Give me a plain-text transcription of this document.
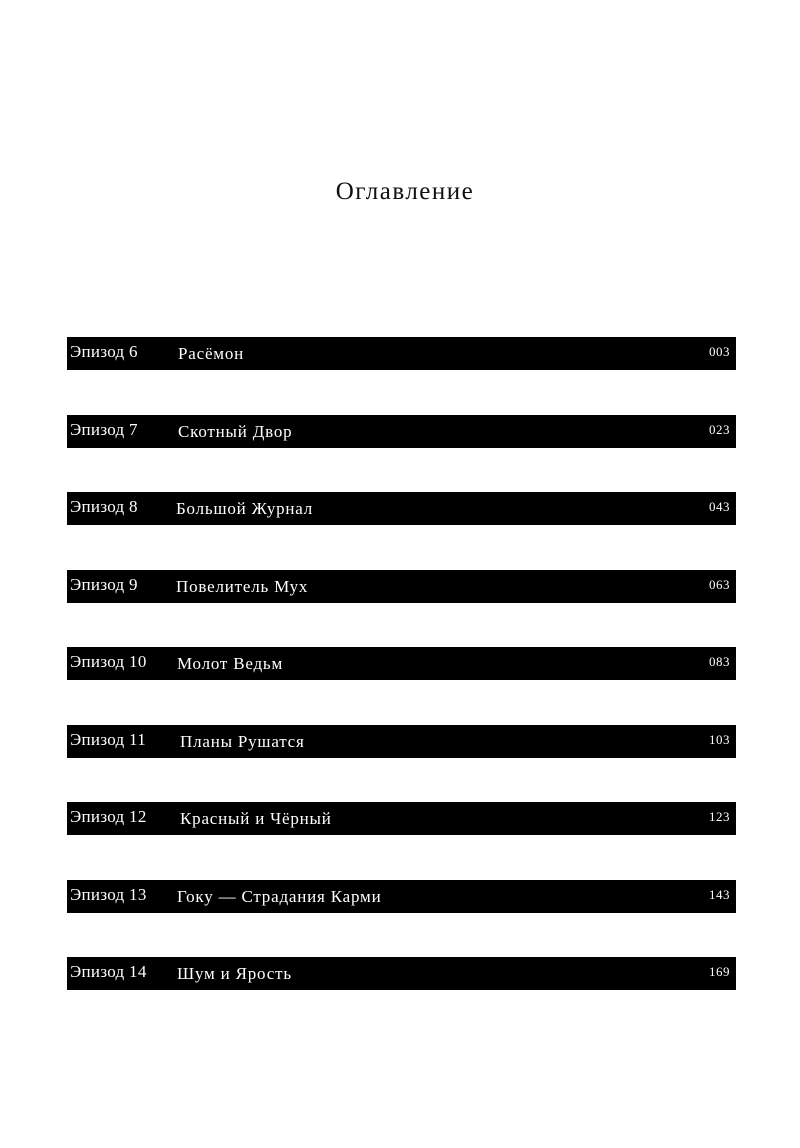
Оглавление
Эпизод 6 Расёмон	003
Эпизод 7 Скотный Двор	023
Эпизод 8 Большой Журнал	043
Эпизод 9 Повелитель Мух	063
Эпизод 10 Молот Ведьм	083
Эпизод 11 Планы Рушатся	103
Эпизод 12 Красный и Чёрный	123
Эпизод 13 Гоку — Страдания Карми	143
Эпизод 14 Шум и Ярость	169
